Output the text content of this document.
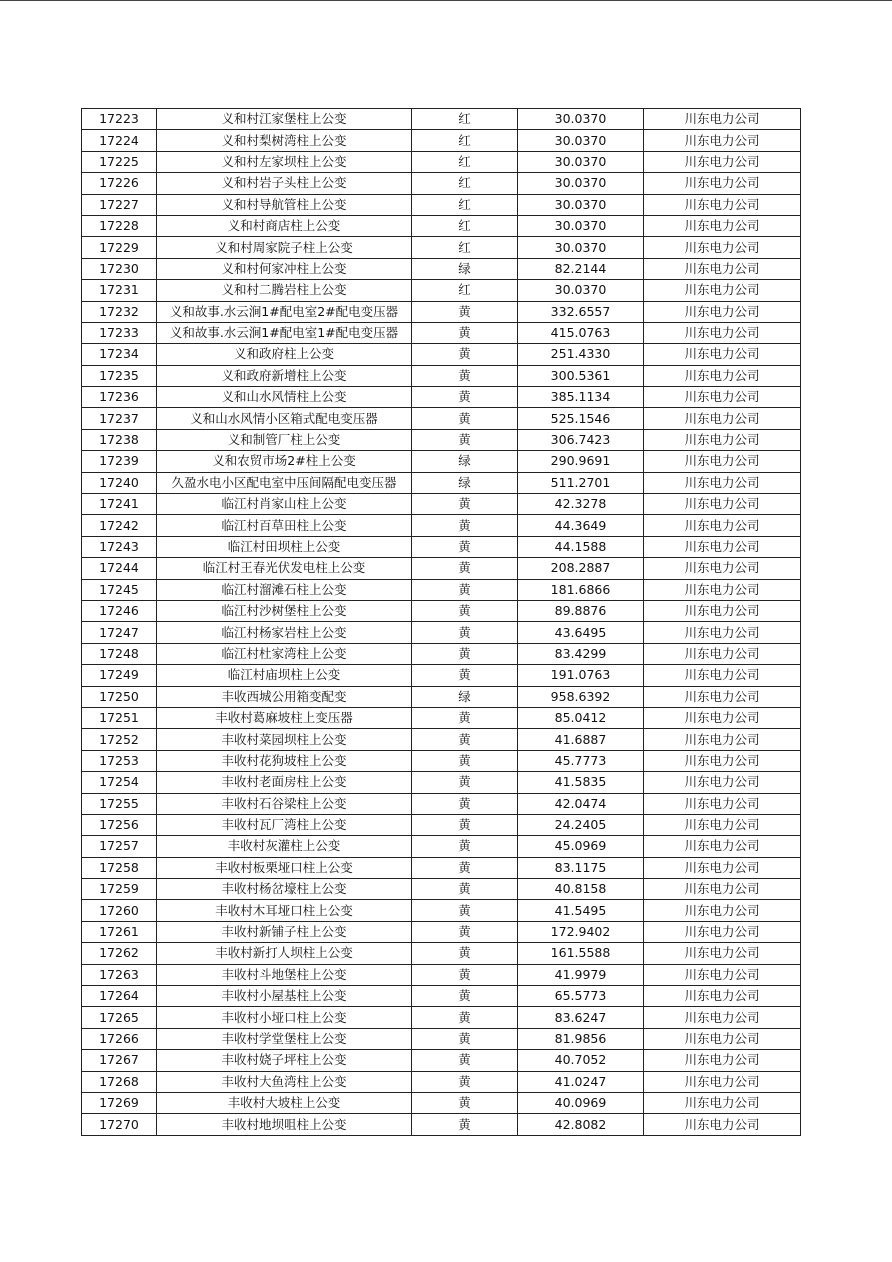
17223	义和村江家堡柱上公变	红	30.0370	川东电力公司
17224	义和村梨树湾柱上公变	红	30.0370	川东电力公司
17225	义和村左家坝柱上公变	红	30.0370	川东电力公司
17226	义和村岩子头柱上公变	红	30.0370	川东电力公司
17227	义和村导航管柱上公变	红	30.0370	川东电力公司
17228	义和村商店柱上公变	红	30.0370	川东电力公司
17229	义和村周家院子柱上公变	红	30.0370	川东电力公司
17230	义和村何家冲柱上公变	绿	82.2144	川东电力公司
17231	义和村二腾岩柱上公变	红	30.0370	川东电力公司
17232	义和故事.水云涧1#配电室2#配电变压器	黄	332.6557	川东电力公司
17233	义和故事.水云涧1#配电室1#配电变压器	黄	415.0763	川东电力公司
17234	义和政府柱上公变	黄	251.4330	川东电力公司
17235	义和政府新增柱上公变	黄	300.5361	川东电力公司
17236	义和山水风情柱上公变	黄	385.1134	川东电力公司
17237	义和山水风情小区箱式配电变压器	黄	525.1546	川东电力公司
17238	义和制管厂柱上公变	黄	306.7423	川东电力公司
17239	义和农贸市场2#柱上公变	绿	290.9691	川东电力公司
17240	久盈水电小区配电室中压间隔配电变压器	绿	511.2701	川东电力公司
17241	临江村肖家山柱上公变	黄	42.3278	川东电力公司
17242	临江村百草田柱上公变	黄	44.3649	川东电力公司
17243	临江村田坝柱上公变	黄	44.1588	川东电力公司
17244	临江村王春光伏发电柱上公变	黄	208.2887	川东电力公司
17245	临江村溜滩石柱上公变	黄	181.6866	川东电力公司
17246	临江村沙树堡柱上公变	黄	89.8876	川东电力公司
17247	临江村杨家岩柱上公变	黄	43.6495	川东电力公司
17248	临江村杜家湾柱上公变	黄	83.4299	川东电力公司
17249	临江村庙坝柱上公变	黄	191.0763	川东电力公司
17250	丰收西城公用箱变配变	绿	958.6392	川东电力公司
17251	丰收村葛麻坡柱上变压器	黄	85.0412	川东电力公司
17252	丰收村菜园坝柱上公变	黄	41.6887	川东电力公司
17253	丰收村花狗坡柱上公变	黄	45.7773	川东电力公司
17254	丰收村老面房柱上公变	黄	41.5835	川东电力公司
17255	丰收村石谷梁柱上公变	黄	42.0474	川东电力公司
17256	丰收村瓦厂湾柱上公变	黄	24.2405	川东电力公司
17257	丰收村灰灌柱上公变	黄	45.0969	川东电力公司
17258	丰收村板栗垭口柱上公变	黄	83.1175	川东电力公司
17259	丰收村杨岔壕柱上公变	黄	40.8158	川东电力公司
17260	丰收村木耳垭口柱上公变	黄	41.5495	川东电力公司
17261	丰收村新铺子柱上公变	黄	172.9402	川东电力公司
17262	丰收村新打人坝柱上公变	黄	161.5588	川东电力公司
17263	丰收村斗地堡柱上公变	黄	41.9979	川东电力公司
17264	丰收村小屋基柱上公变	黄	65.5773	川东电力公司
17265	丰收村小垭口柱上公变	黄	83.6247	川东电力公司
17266	丰收村学堂堡柱上公变	黄	81.9856	川东电力公司
17267	丰收村娆子坪柱上公变	黄	40.7052	川东电力公司
17268	丰收村大鱼湾柱上公变	黄	41.0247	川东电力公司
17269	丰收村大坡柱上公变	黄	40.0969	川东电力公司
17270	丰收村地坝咀柱上公变	黄	42.8082	川东电力公司
